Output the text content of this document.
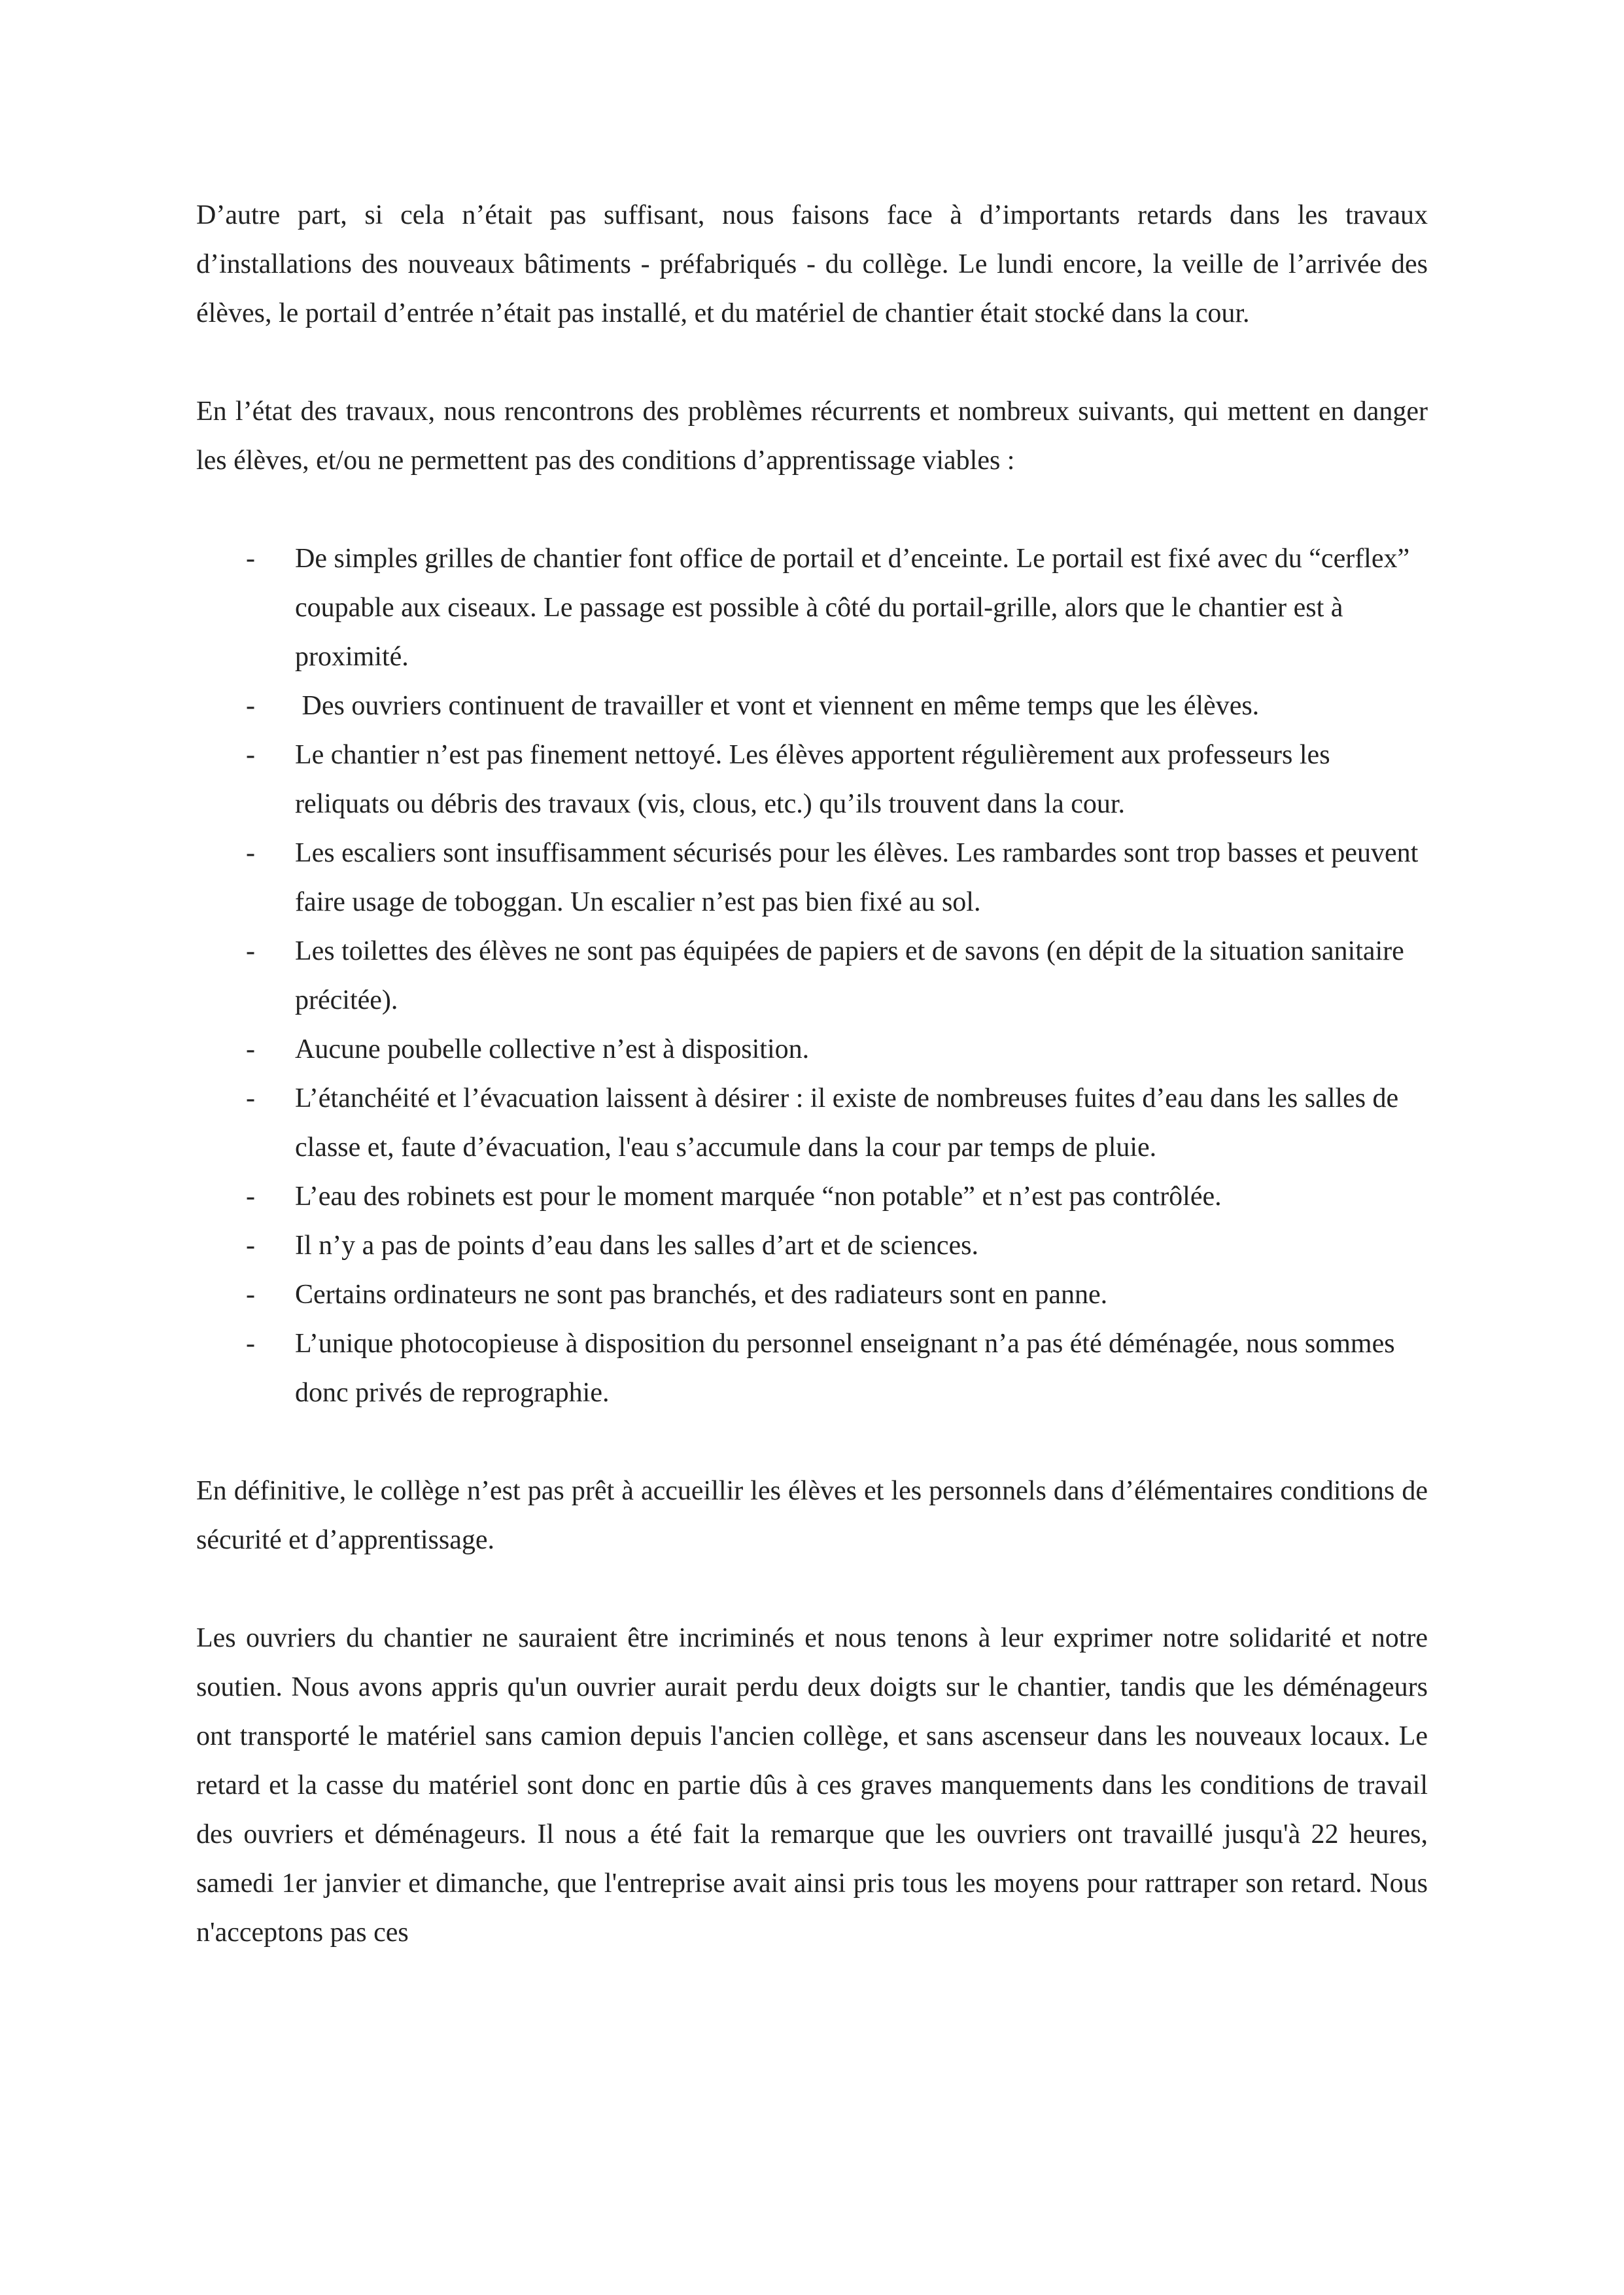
D’autre part, si cela n’était pas suffisant, nous faisons face à d’importants retards dans les travaux d’installations des nouveaux bâtiments - préfabriqués - du collège. Le lundi encore, la veille de l’arrivée des élèves, le portail d’entrée n’était pas installé, et du matériel de chantier était stocké dans la cour.

En l’état des travaux, nous rencontrons des problèmes récurrents et nombreux suivants, qui mettent en danger les élèves, et/ou ne permettent pas des conditions d’apprentissage viables :

- De simples grilles de chantier font office de portail et d’enceinte. Le portail est fixé avec du “cerflex” coupable aux ciseaux. Le passage est possible à côté du portail-grille, alors que le chantier est à proximité.
- Des ouvriers continuent de travailler et vont et viennent en même temps que les élèves.
- Le chantier n’est pas finement nettoyé. Les élèves apportent régulièrement aux professeurs les reliquats ou débris des travaux (vis, clous, etc.) qu’ils trouvent dans la cour.
- Les escaliers sont insuffisamment sécurisés pour les élèves. Les rambardes sont trop basses et peuvent faire usage de toboggan. Un escalier n’est pas bien fixé au sol.
- Les toilettes des élèves ne sont pas équipées de papiers et de savons (en dépit de la situation sanitaire précitée).
- Aucune poubelle collective n’est à disposition.
- L’étanchéité et l’évacuation laissent à désirer : il existe de nombreuses fuites d’eau dans les salles de classe et, faute d’évacuation, l'eau s’accumule dans la cour par temps de pluie.
- L’eau des robinets est pour le moment marquée “non potable” et n’est pas contrôlée.
- Il n’y a pas de points d’eau dans les salles d’art et de sciences.
- Certains ordinateurs ne sont pas branchés, et des radiateurs sont en panne.
- L’unique photocopieuse à disposition du personnel enseignant n’a pas été déménagée, nous sommes donc privés de reprographie.

En définitive, le collège n’est pas prêt à accueillir les élèves et les personnels dans d’élémentaires conditions de sécurité et d’apprentissage.

Les ouvriers du chantier ne sauraient être incriminés et nous tenons à leur exprimer notre solidarité et notre soutien. Nous avons appris qu'un ouvrier aurait perdu deux doigts sur le chantier, tandis que les déménageurs ont transporté le matériel sans camion depuis l'ancien collège, et sans ascenseur dans les nouveaux locaux. Le retard et la casse du matériel sont donc en partie dûs à ces graves manquements dans les conditions de travail des ouvriers et déménageurs. Il nous a été fait la remarque que les ouvriers ont travaillé jusqu'à 22 heures, samedi 1er janvier et dimanche, que l'entreprise avait ainsi pris tous les moyens pour rattraper son retard. Nous n'acceptons pas ces
